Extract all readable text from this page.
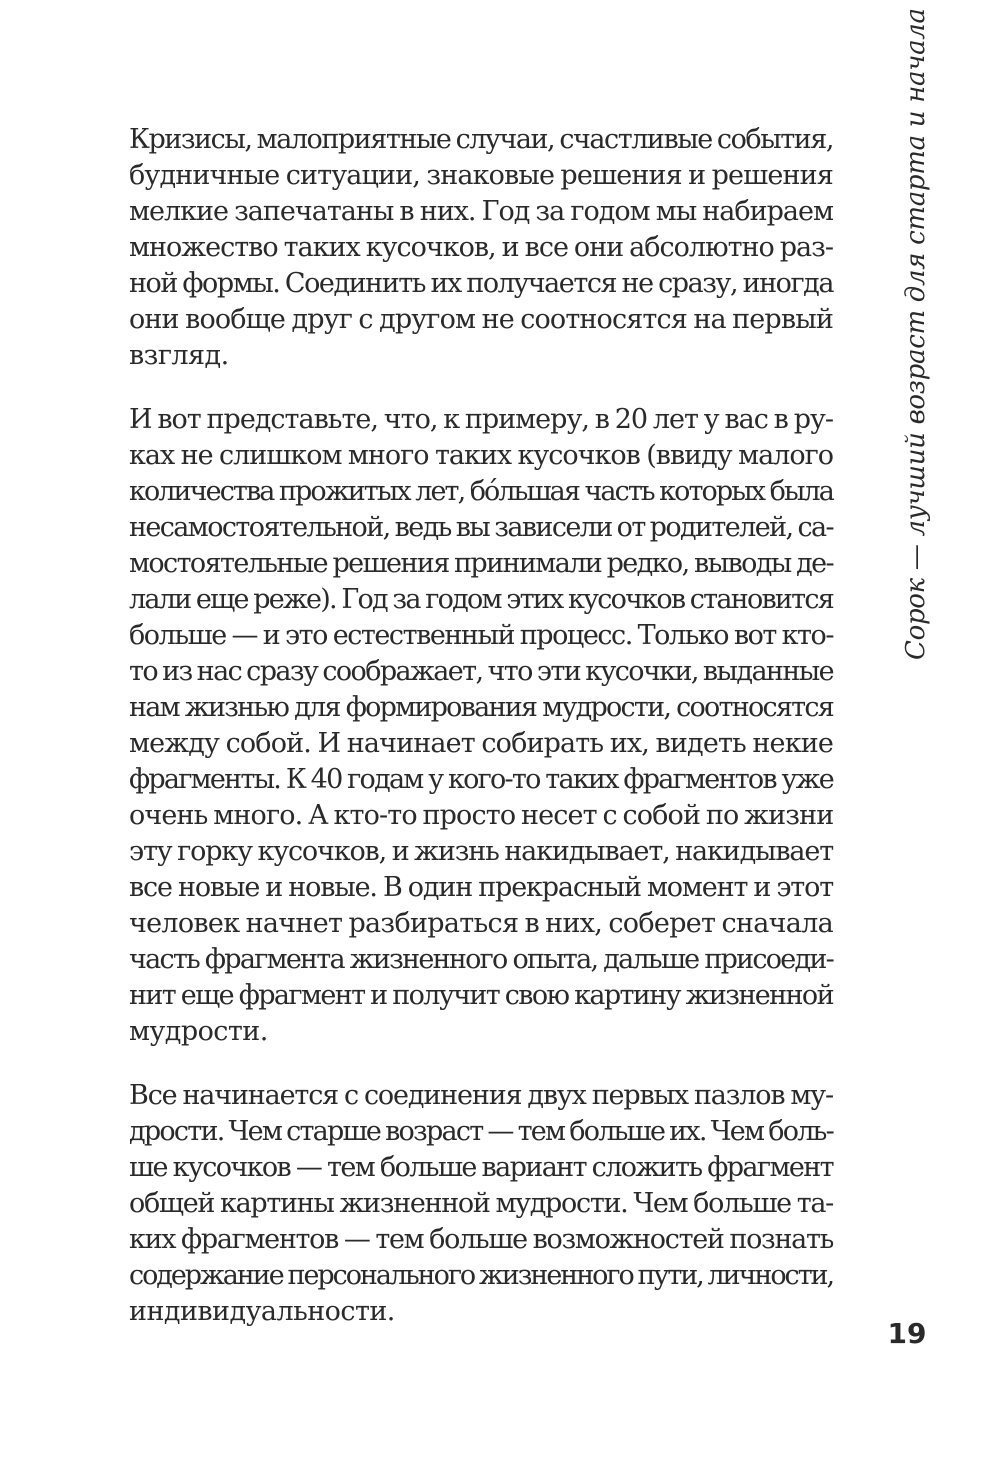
Кризисы, малоприятные случаи, счастливые события,
будничные ситуации, знаковые решения и решения
мелкие запечатаны в них. Год за годом мы набираем
множество таких кусочков, и все они абсолютно раз-
ной формы. Соединить их получается не сразу, иногда
они вообще друг с другом не соотносятся на первый
взгляд.
И вот представьте, что, к примеру, в 20 лет у вас в ру-
ках не слишком много таких кусочков (ввиду малого
количества прожитых лет, бо́льшая часть которых была
несамостоятельной, ведь вы зависели от родителей, са-
мостоятельные решения принимали редко, выводы де-
лали еще реже). Год за годом этих кусочков становится
больше — и это естественный процесс. Только вот кто-
то из нас сразу соображает, что эти кусочки, выданные
нам жизнью для формирования мудрости, соотносятся
между собой. И начинает собирать их, видеть некие
фрагменты. К 40 годам у кого-то таких фрагментов уже
очень много. А кто-то просто несет с собой по жизни
эту горку кусочков, и жизнь накидывает, накидывает
все новые и новые. В один прекрасный момент и этот
человек начнет разбираться в них, соберет сначала
часть фрагмента жизненного опыта, дальше присоеди-
нит еще фрагмент и получит свою картину жизненной
мудрости.
Все начинается с соединения двух первых пазлов му-
дрости. Чем старше возраст — тем больше их. Чем боль-
ше кусочков — тем больше вариант сложить фрагмент
общей картины жизненной мудрости. Чем больше та-
ких фрагментов — тем больше возможностей познать
содержание персонального жизненного пути, личности,
индивидуальности.
Сорок — лучший возраст для старта и начала
19
